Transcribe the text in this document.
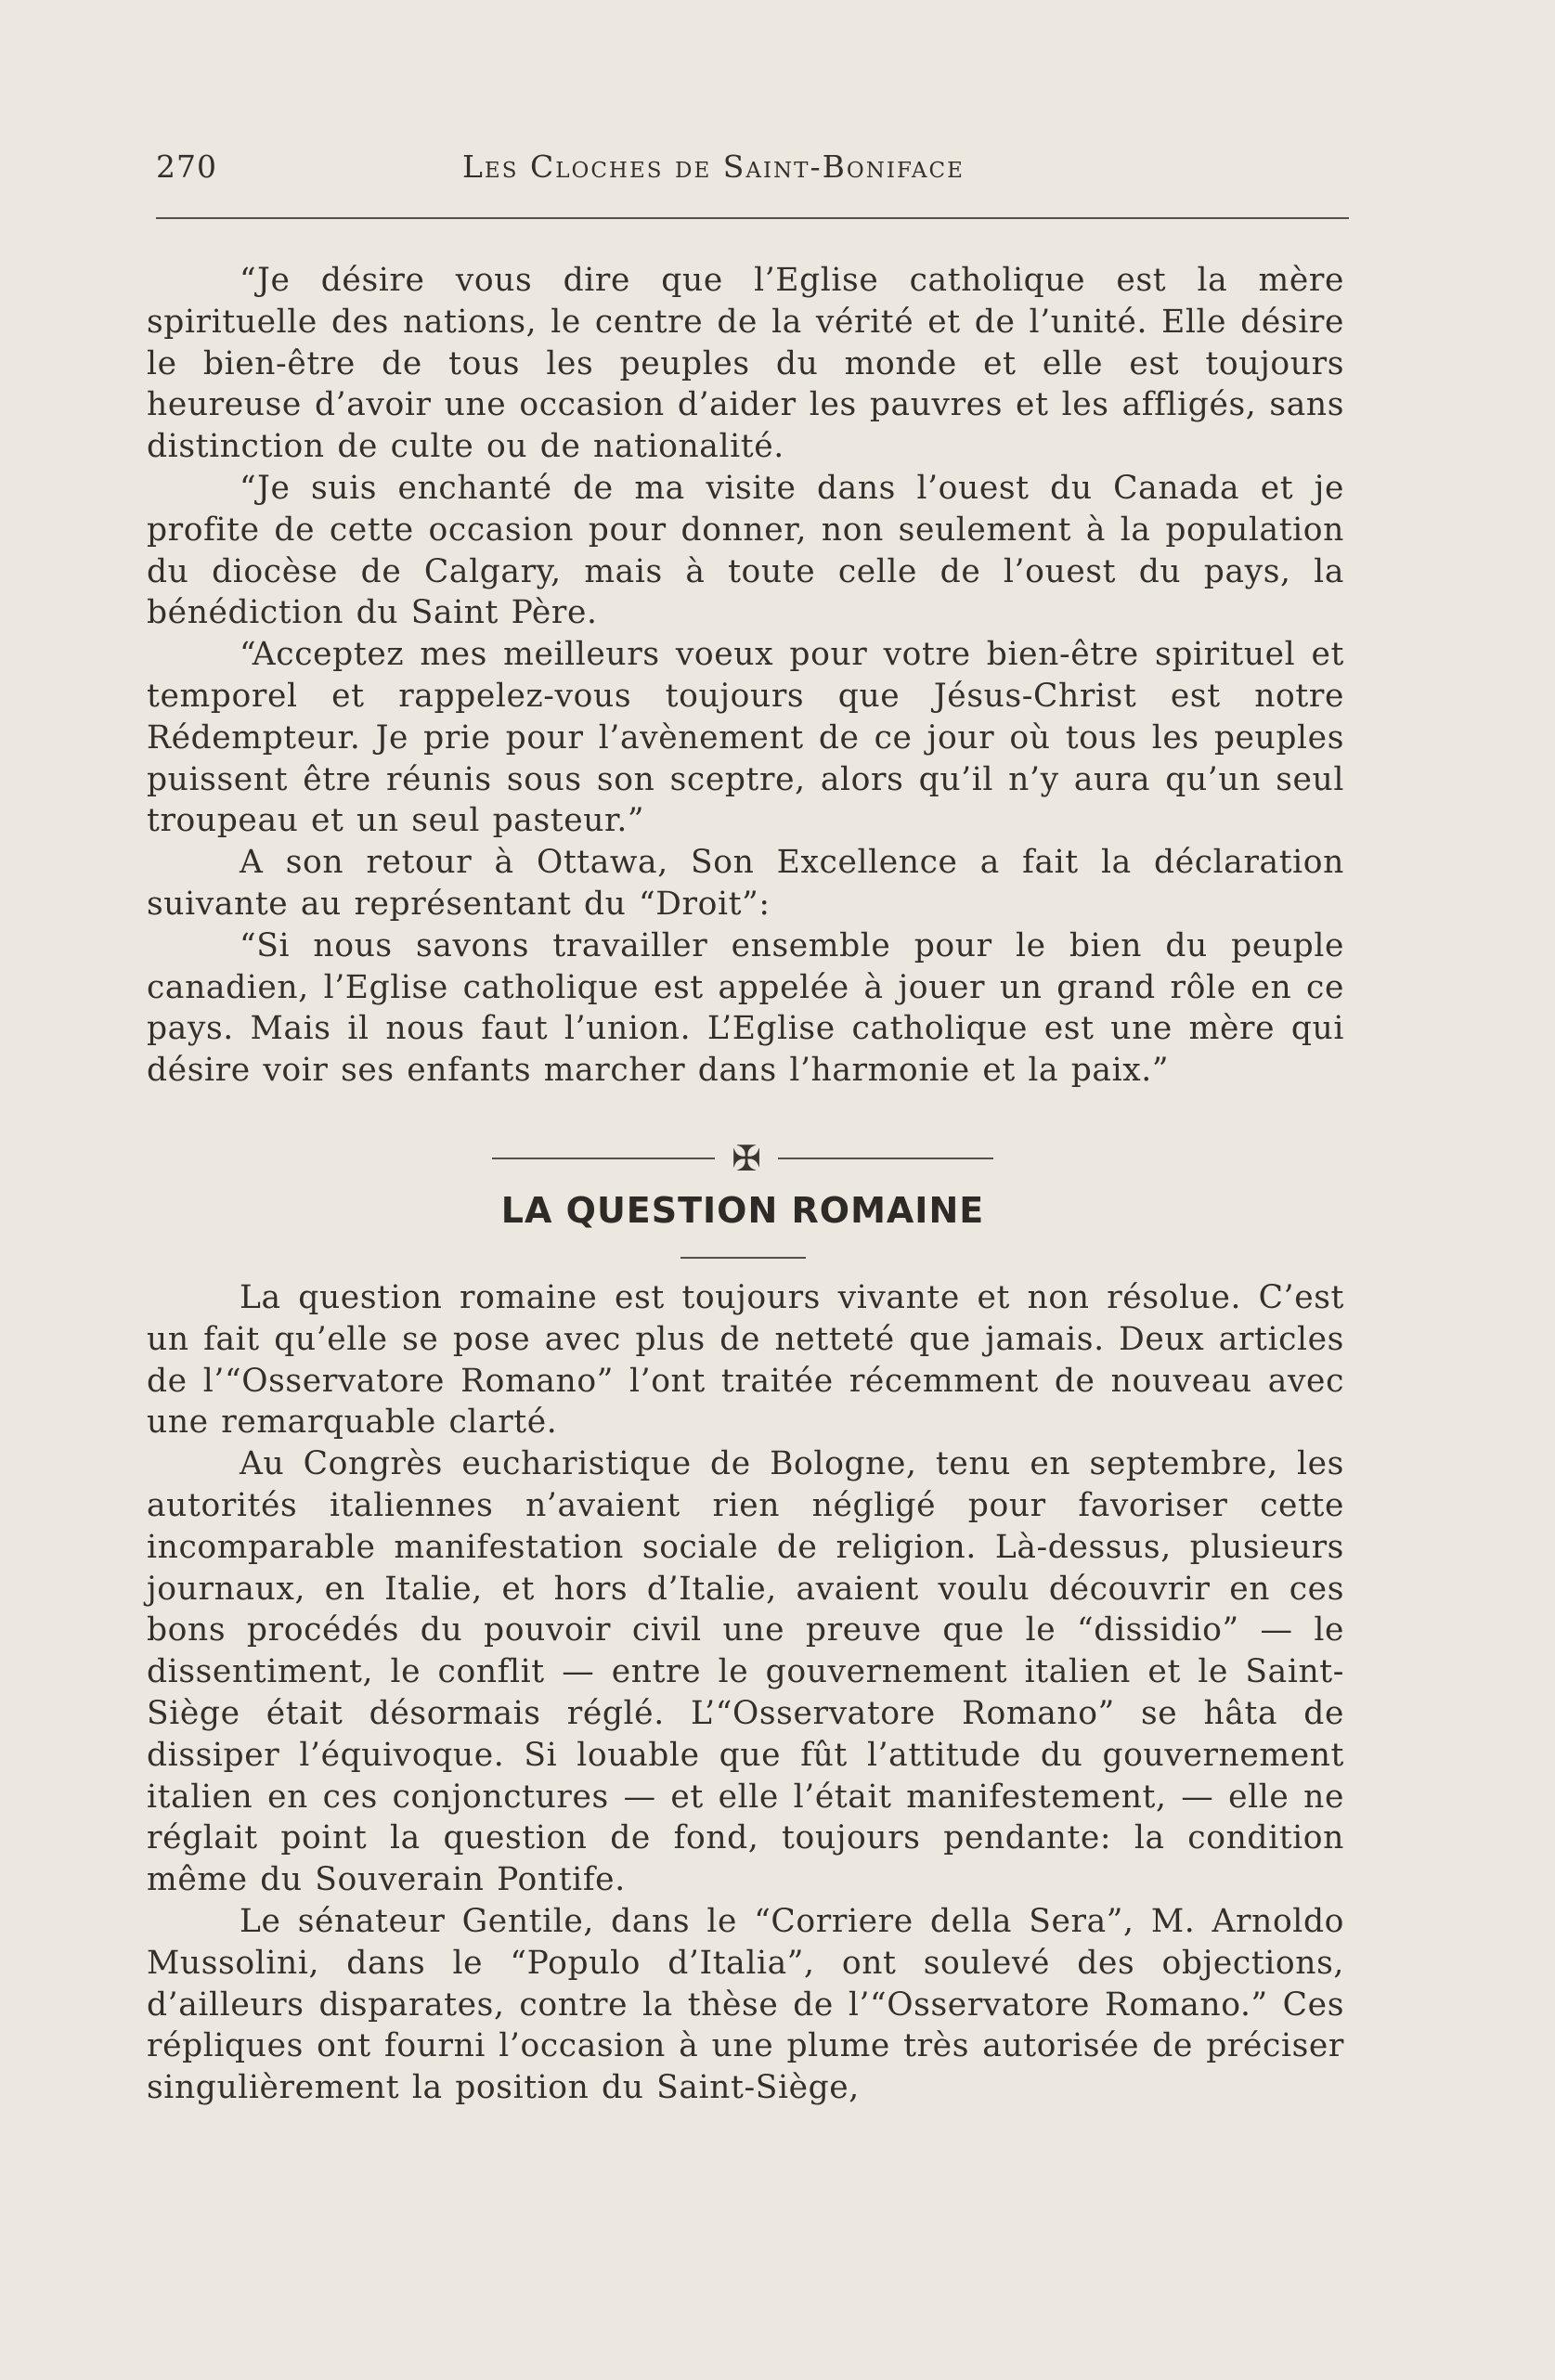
270	Les Cloches de Saint-Boniface

“Je désire vous dire que l’Eglise catholique est la mère spirituelle des nations, le centre de la vérité et de l’unité. Elle désire le bien-être de tous les peuples du monde et elle est toujours heureuse d’avoir une occasion d’aider les pauvres et les affligés, sans distinction de culte ou de nationalité.

“Je suis enchanté de ma visite dans l’ouest du Canada et je profite de cette occasion pour donner, non seulement à la population du diocèse de Calgary, mais à toute celle de l’ouest du pays, la bénédiction du Saint Père.

“Acceptez mes meilleurs voeux pour votre bien-être spirituel et temporel et rappelez-vous toujours que Jésus-Christ est notre Rédempteur. Je prie pour l’avènement de ce jour où tous les peuples puissent être réunis sous son sceptre, alors qu’il n’y aura qu’un seul troupeau et un seul pasteur.”

A son retour à Ottawa, Son Excellence a fait la déclaration suivante au représentant du “Droit”:

“Si nous savons travailler ensemble pour le bien du peuple canadien, l’Eglise catholique est appelée à jouer un grand rôle en ce pays. Mais il nous faut l’union. L’Eglise catholique est une mère qui désire voir ses enfants marcher dans l’harmonie et la paix.”

✠
LA QUESTION ROMAINE

La question romaine est toujours vivante et non résolue. C’est un fait qu’elle se pose avec plus de netteté que jamais. Deux articles de l’“Osservatore Romano” l’ont traitée récemment de nouveau avec une remarquable clarté.

Au Congrès eucharistique de Bologne, tenu en septembre, les autorités italiennes n’avaient rien négligé pour favoriser cette incomparable manifestation sociale de religion. Là-dessus, plusieurs journaux, en Italie, et hors d’Italie, avaient voulu découvrir en ces bons procédés du pouvoir civil une preuve que le “dissidio” — le dissentiment, le conflit — entre le gouvernement italien et le Saint-Siège était désormais réglé. L’“Osservatore Romano” se hâta de dissiper l’équivoque. Si louable que fût l’attitude du gouvernement italien en ces conjonctures — et elle l’était manifestement, — elle ne réglait point la question de fond, toujours pendante: la condition même du Souverain Pontife.

Le sénateur Gentile, dans le “Corriere della Sera”, M. Arnoldo Mussolini, dans le “Populo d’Italia”, ont soulevé des objections, d’ailleurs disparates, contre la thèse de l’“Osservatore Romano.” Ces répliques ont fourni l’occasion à une plume très autorisée de préciser singulièrement la position du Saint-Siège,
